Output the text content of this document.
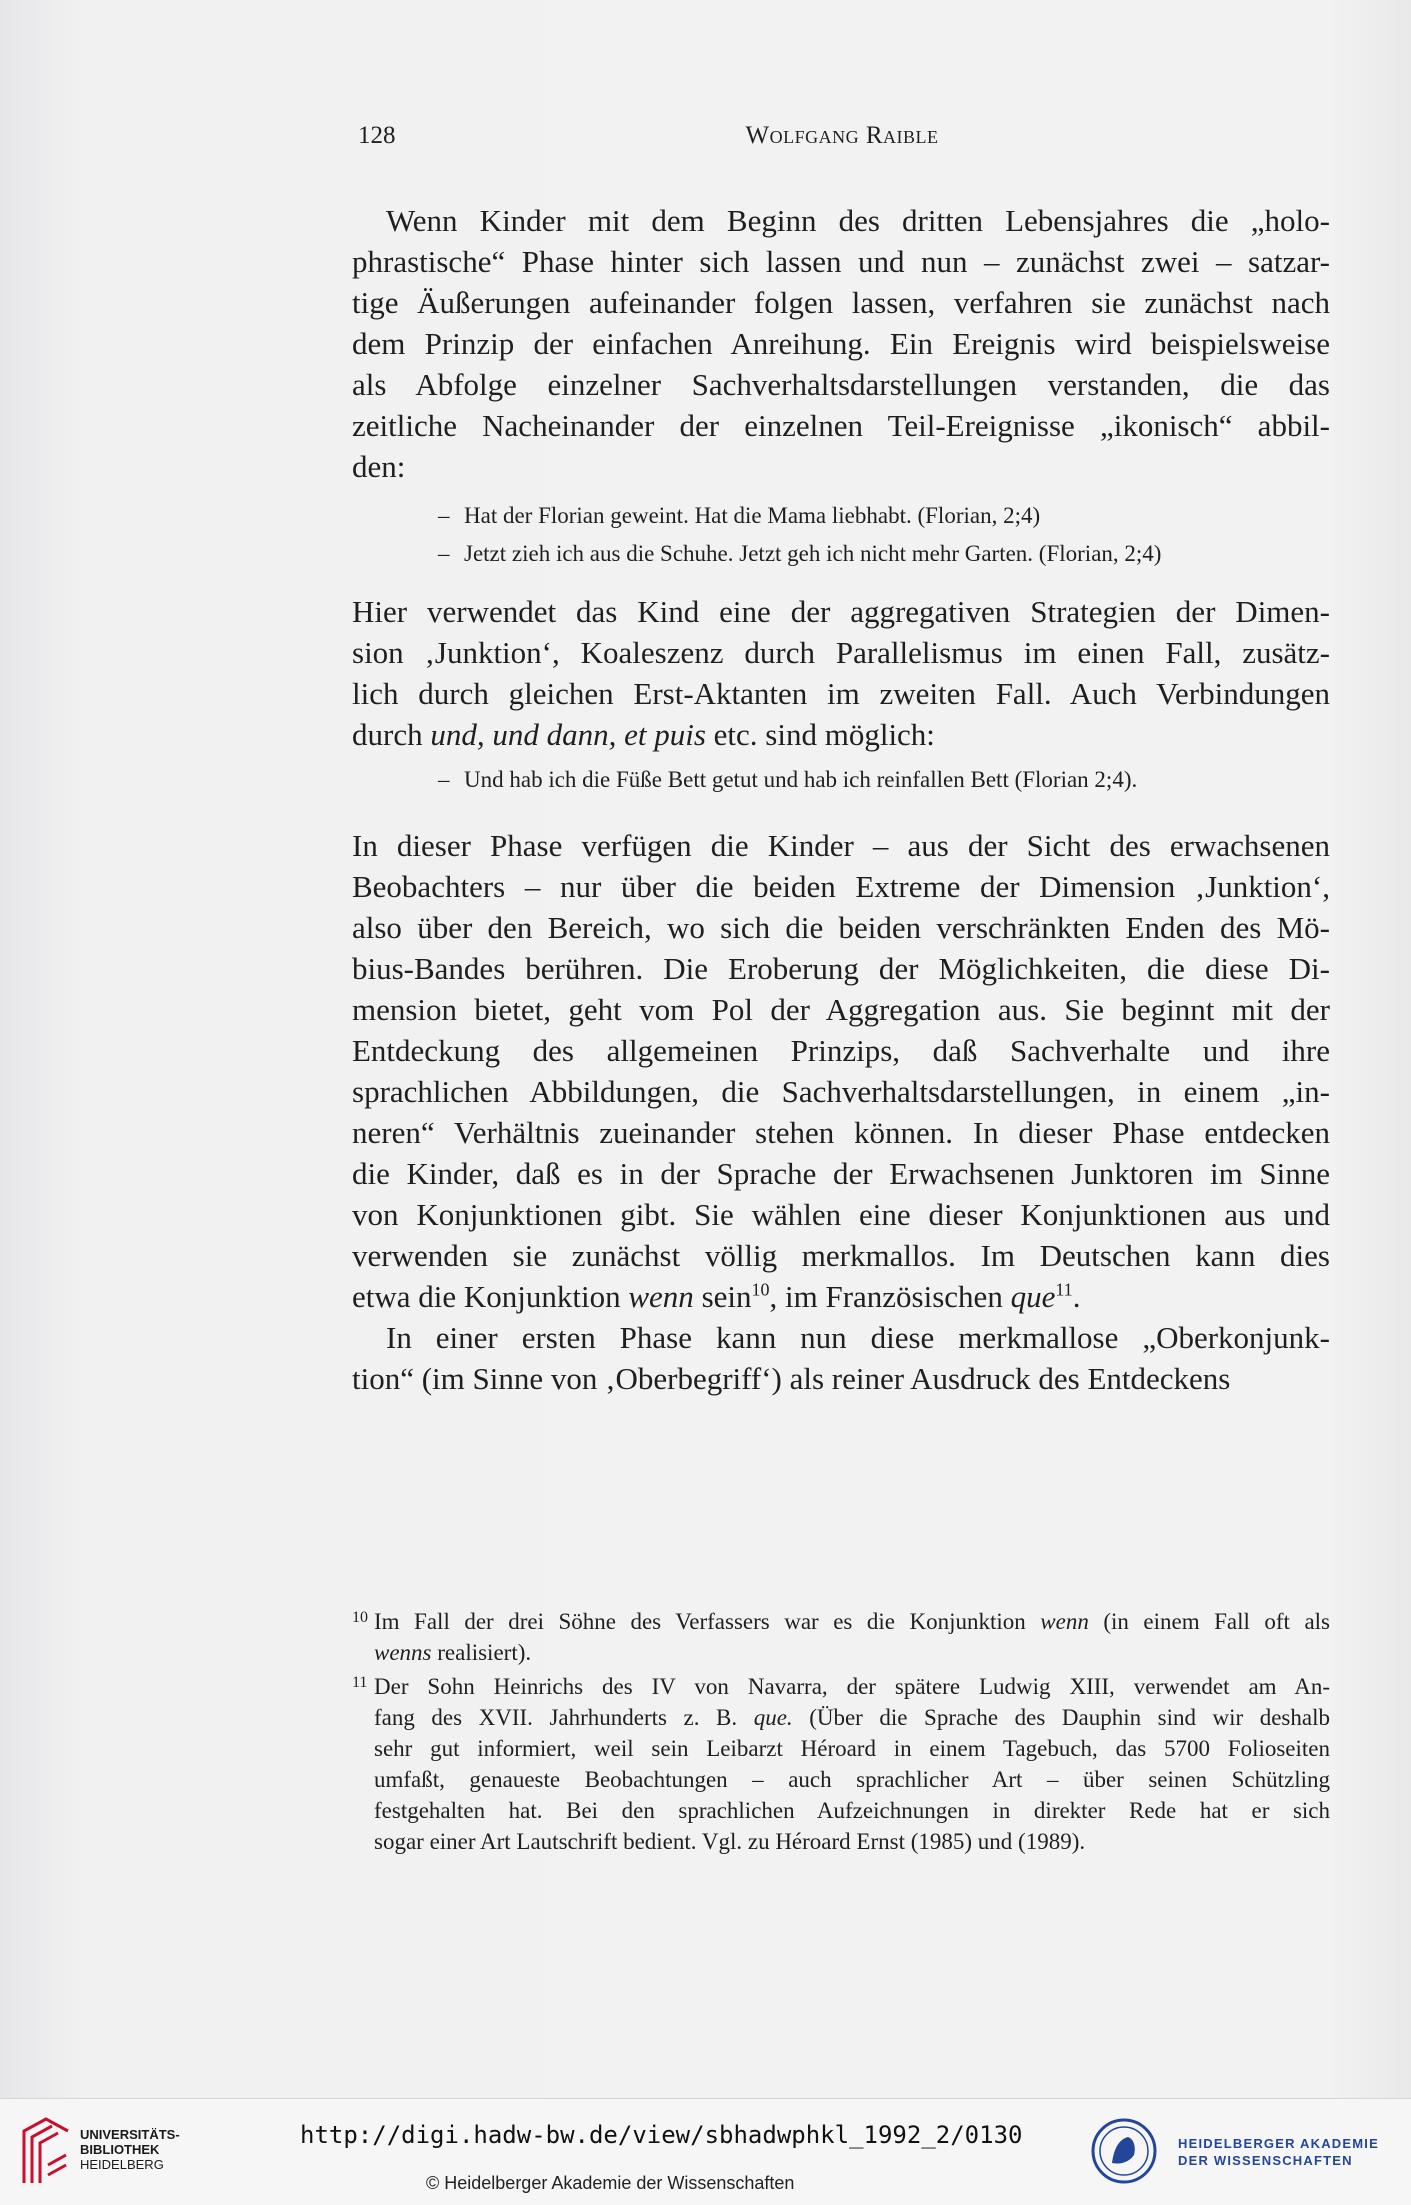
128	Wolfgang Raible
Wenn Kinder mit dem Beginn des dritten Lebensjahres die „holo-
phrastische“ Phase hinter sich lassen und nun – zunächst zwei – satzar-
tige Äußerungen aufeinander folgen lassen, verfahren sie zunächst nach
dem Prinzip der einfachen Anreihung. Ein Ereignis wird beispielsweise
als Abfolge einzelner Sachverhaltsdarstellungen verstanden, die das
zeitliche Nacheinander der einzelnen Teil-Ereignisse „ikonisch“ abbil-
den:
– Hat der Florian geweint. Hat die Mama liebhabt. (Florian, 2;4)
– Jetzt zieh ich aus die Schuhe. Jetzt geh ich nicht mehr Garten. (Florian, 2;4)
Hier verwendet das Kind eine der aggregativen Strategien der Dimen-
sion ‚Junktion‘, Koaleszenz durch Parallelismus im einen Fall, zusätz-
lich durch gleichen Erst-Aktanten im zweiten Fall. Auch Verbindungen
durch und, und dann, et puis etc. sind möglich:
– Und hab ich die Füße Bett getut und hab ich reinfallen Bett (Florian 2;4).
In dieser Phase verfügen die Kinder – aus der Sicht des erwachsenen
Beobachters – nur über die beiden Extreme der Dimension ‚Junktion‘,
also über den Bereich, wo sich die beiden verschränkten Enden des Mö-
bius-Bandes berühren. Die Eroberung der Möglichkeiten, die diese Di-
mension bietet, geht vom Pol der Aggregation aus. Sie beginnt mit der
Entdeckung des allgemeinen Prinzips, daß Sachverhalte und ihre
sprachlichen Abbildungen, die Sachverhaltsdarstellungen, in einem „in-
neren“ Verhältnis zueinander stehen können. In dieser Phase entdecken
die Kinder, daß es in der Sprache der Erwachsenen Junktoren im Sinne
von Konjunktionen gibt. Sie wählen eine dieser Konjunktionen aus und
verwenden sie zunächst völlig merkmallos. Im Deutschen kann dies
etwa die Konjunktion wenn sein$^{10}$, im Französischen que$^{11}$.
In einer ersten Phase kann nun diese merkmallose „Oberkonjunk-
tion“ (im Sinne von ‚Oberbegriff‘) als reiner Ausdruck des Entdeckens
10 Im Fall der drei Söhne des Verfassers war es die Konjunktion wenn (in einem Fall oft als
wenns realisiert).
11 Der Sohn Heinrichs des IV von Navarra, der spätere Ludwig XIII, verwendet am An-
fang des XVII. Jahrhunderts z. B. que. (Über die Sprache des Dauphin sind wir deshalb
sehr gut informiert, weil sein Leibarzt Héroard in einem Tagebuch, das 5700 Folioseiten
umfaßt, genaueste Beobachtungen – auch sprachlicher Art – über seinen Schützling
festgehalten hat. Bei den sprachlichen Aufzeichnungen in direkter Rede hat er sich
sogar einer Art Lautschrift bedient. Vgl. zu Héroard Ernst (1985) und (1989).
UNIVERSITÄTS-
BIBLIOTHEK
HEIDELBERG
http://digi.hadw-bw.de/view/sbhadwphkl_1992_2/0130
© Heidelberger Akademie der Wissenschaften
HEIDELBERGER AKADEMIE
DER WISSENSCHAFTEN
